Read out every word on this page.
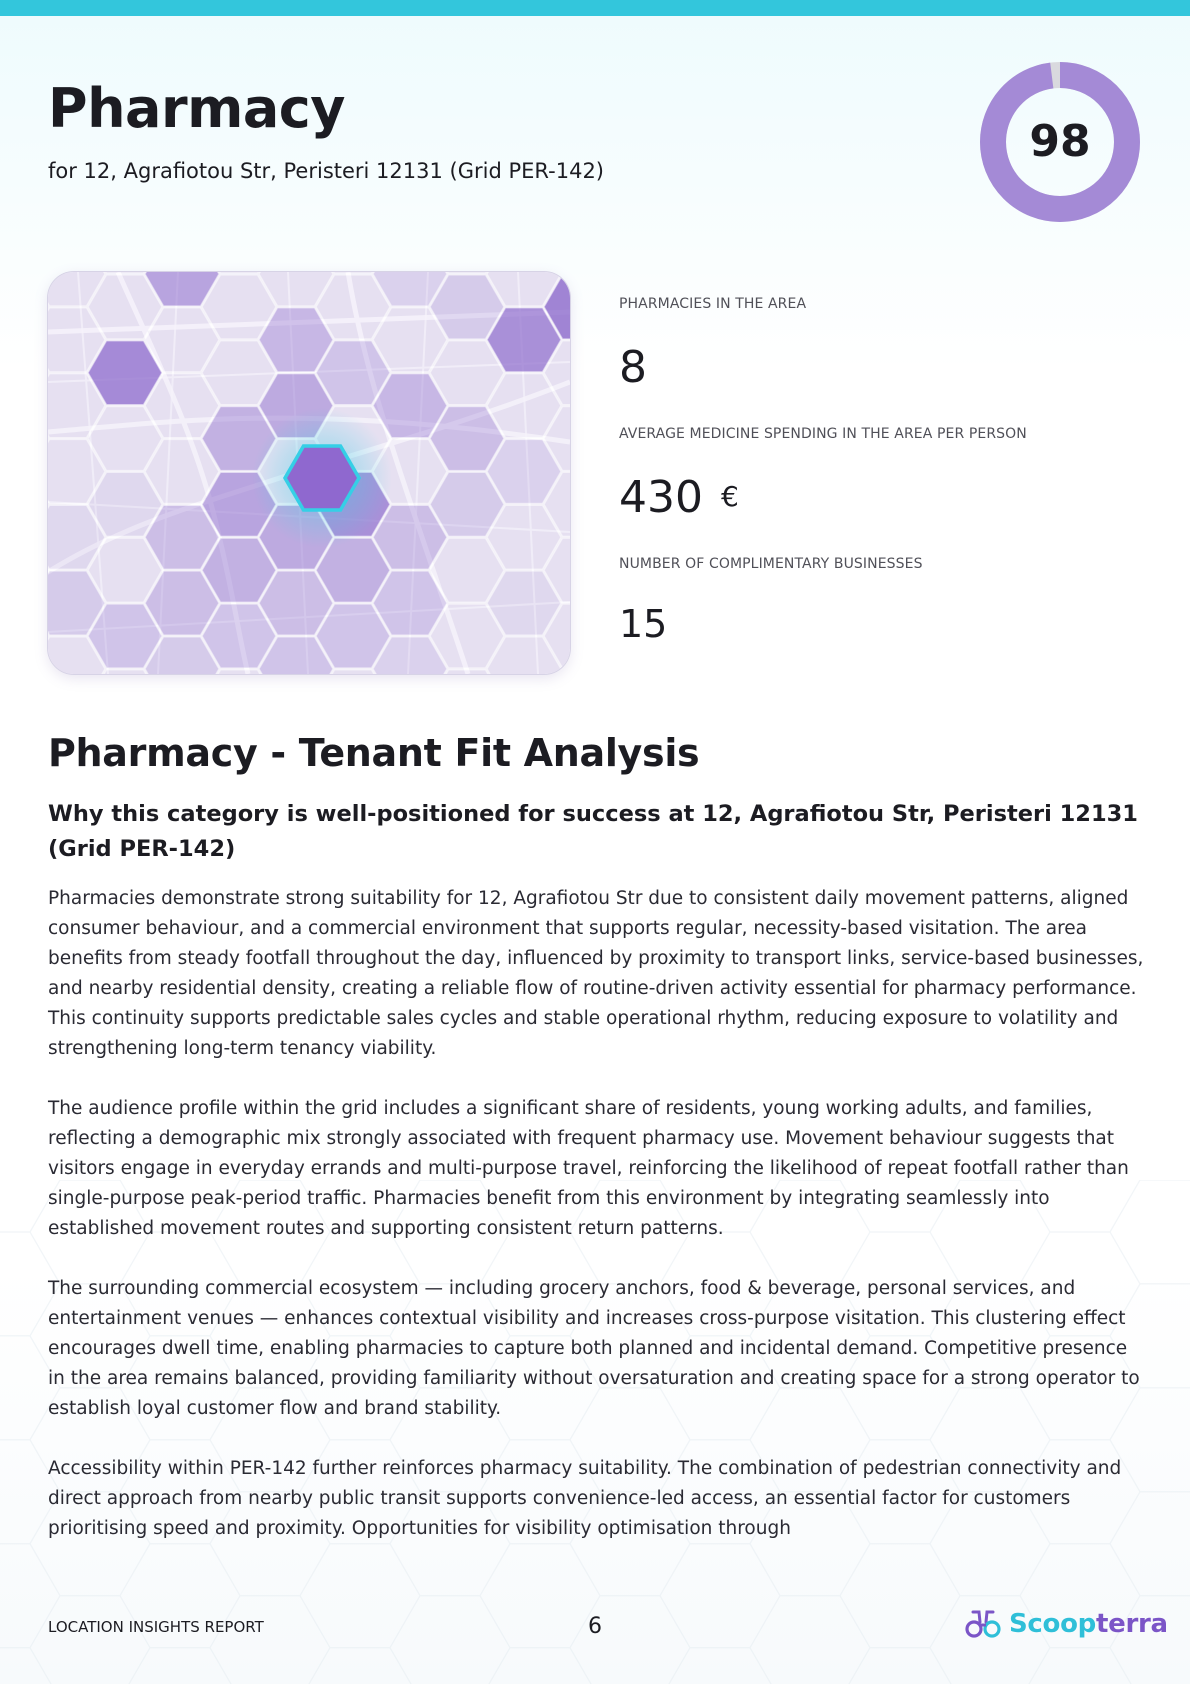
Pharmacy
for 12, Agrafiotou Str, Peristeri 12131 (Grid PER-142)
98
PHARMACIES IN THE AREA
8
AVERAGE MEDICINE SPENDING IN THE AREA PER PERSON
430 €
NUMBER OF COMPLIMENTARY BUSINESSES
15
Pharmacy - Tenant Fit Analysis
Why this category is well-positioned for success at 12, Agrafiotou Str, Peristeri 12131 (Grid PER-142)

Pharmacies demonstrate strong suitability for 12, Agrafiotou Str due to consistent daily movement patterns, aligned consumer behaviour, and a commercial environment that supports regular, necessity-based visitation. The area benefits from steady footfall throughout the day, influenced by proximity to transport links, service-based businesses, and nearby residential density, creating a reliable flow of routine-driven activity essential for pharmacy performance. This continuity supports predictable sales cycles and stable operational rhythm, reducing exposure to volatility and strengthening long-term tenancy viability.

The audience profile within the grid includes a significant share of residents, young working adults, and families, reflecting a demographic mix strongly associated with frequent pharmacy use. Movement behaviour suggests that visitors engage in everyday errands and multi-purpose travel, reinforcing the likelihood of repeat footfall rather than single-purpose peak-period traffic. Pharmacies benefit from this environment by integrating seamlessly into established movement routes and supporting consistent return patterns.

The surrounding commercial ecosystem — including grocery anchors, food & beverage, personal services, and entertainment venues — enhances contextual visibility and increases cross-purpose visitation. This clustering effect encourages dwell time, enabling pharmacies to capture both planned and incidental demand. Competitive presence in the area remains balanced, providing familiarity without oversaturation and creating space for a strong operator to establish loyal customer flow and brand stability.

Accessibility within PER-142 further reinforces pharmacy suitability. The combination of pedestrian connectivity and direct approach from nearby public transit supports convenience-led access, an essential factor for customers prioritising speed and proximity. Opportunities for visibility optimisation through

LOCATION INSIGHTS REPORT	6	Scoopterra
